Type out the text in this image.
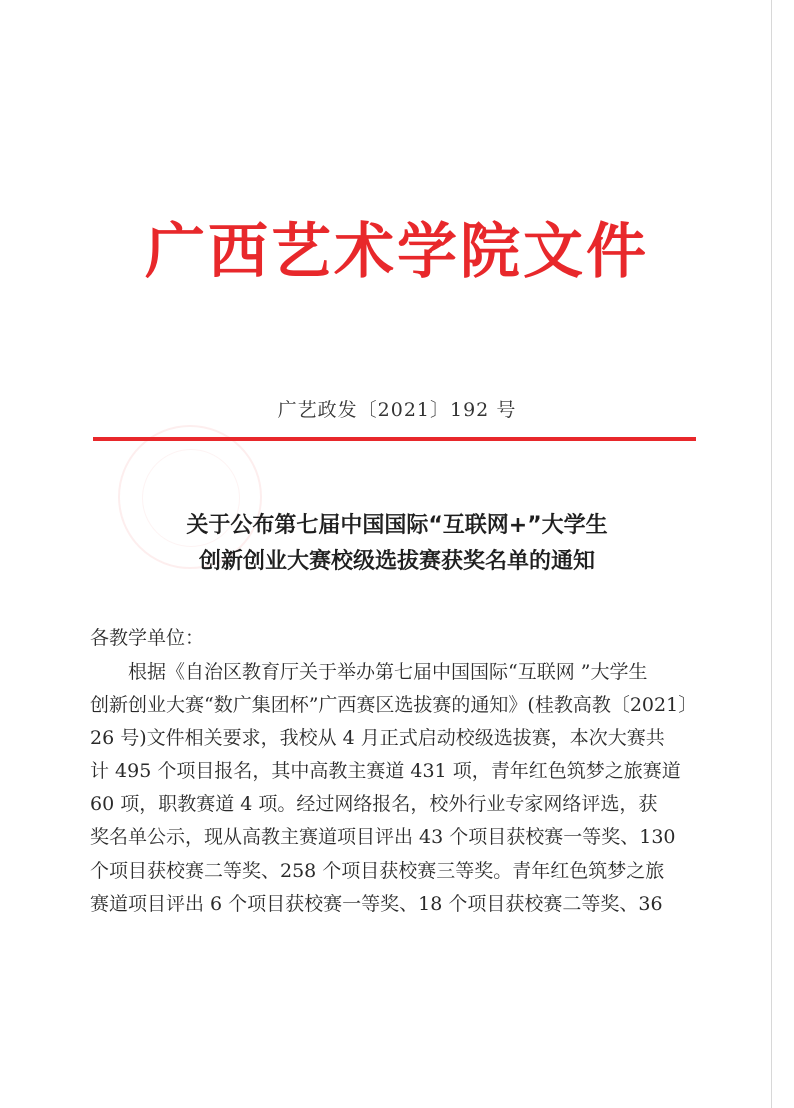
广西艺术学院文件
广艺政发〔2021〕192 号
关于公布第七届中国国际“互联网+”大学生
创新创业大赛校级选拔赛获奖名单的通知
各教学单位：
根据《自治区教育厅关于举办第七届中国国际“互联网 ”大学生
创新创业大赛“数广集团杯”广西赛区选拔赛的通知》(桂教高教〔2021〕
26 号)文件相关要求，我校从 4 月正式启动校级选拔赛，本次大赛共
计 495 个项目报名，其中高教主赛道 431 项，青年红色筑梦之旅赛道
60 项，职教赛道 4 项。经过网络报名，校外行业专家网络评选，获
奖名单公示，现从高教主赛道项目评出 43 个项目获校赛一等奖、130
个项目获校赛二等奖、258 个项目获校赛三等奖。青年红色筑梦之旅
赛道项目评出 6 个项目获校赛一等奖、18 个项目获校赛二等奖、36
